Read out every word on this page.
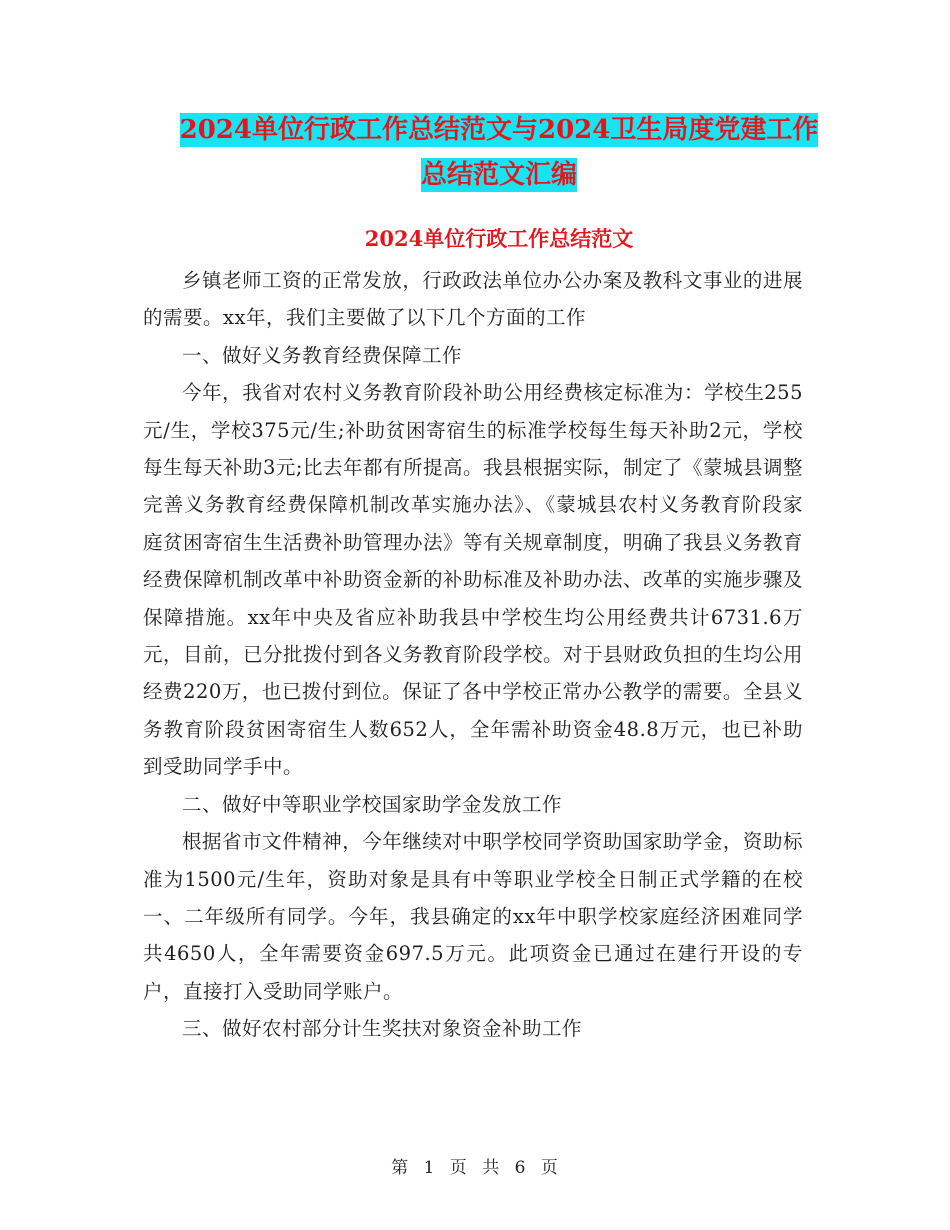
2024单位行政工作总结范文与2024卫生局度党建工作
总结范文汇编
2024单位行政工作总结范文

乡镇老师工资的正常发放，行政政法单位办公办案及教科文事业的进展的需要。xx年，我们主要做了以下几个方面的工作

一、做好义务教育经费保障工作

今年，我省对农村义务教育阶段补助公用经费核定标准为：学校生255元/生，学校375元/生;补助贫困寄宿生的标准学校每生每天补助2元，学校每生每天补助3元;比去年都有所提高。我县根据实际，制定了《蒙城县调整完善义务教育经费保障机制改革实施办法》、《蒙城县农村义务教育阶段家庭贫困寄宿生生活费补助管理办法》等有关规章制度，明确了我县义务教育经费保障机制改革中补助资金新的补助标准及补助办法、改革的实施步骤及保障措施。xx年中央及省应补助我县中学校生均公用经费共计6731.6万元，目前，已分批拨付到各义务教育阶段学校。对于县财政负担的生均公用经费220万，也已拨付到位。保证了各中学校正常办公教学的需要。全县义务教育阶段贫困寄宿生人数652人，全年需补助资金48.8万元，也已补助到受助同学手中。

二、做好中等职业学校国家助学金发放工作

根据省市文件精神，今年继续对中职学校同学资助国家助学金，资助标准为1500元/生年，资助对象是具有中等职业学校全日制正式学籍的在校一、二年级所有同学。今年，我县确定的xx年中职学校家庭经济困难同学共4650人，全年需要资金697.5万元。此项资金已通过在建行开设的专户，直接打入受助同学账户。

三、做好农村部分计生奖扶对象资金补助工作

第 1 页 共 6 页
